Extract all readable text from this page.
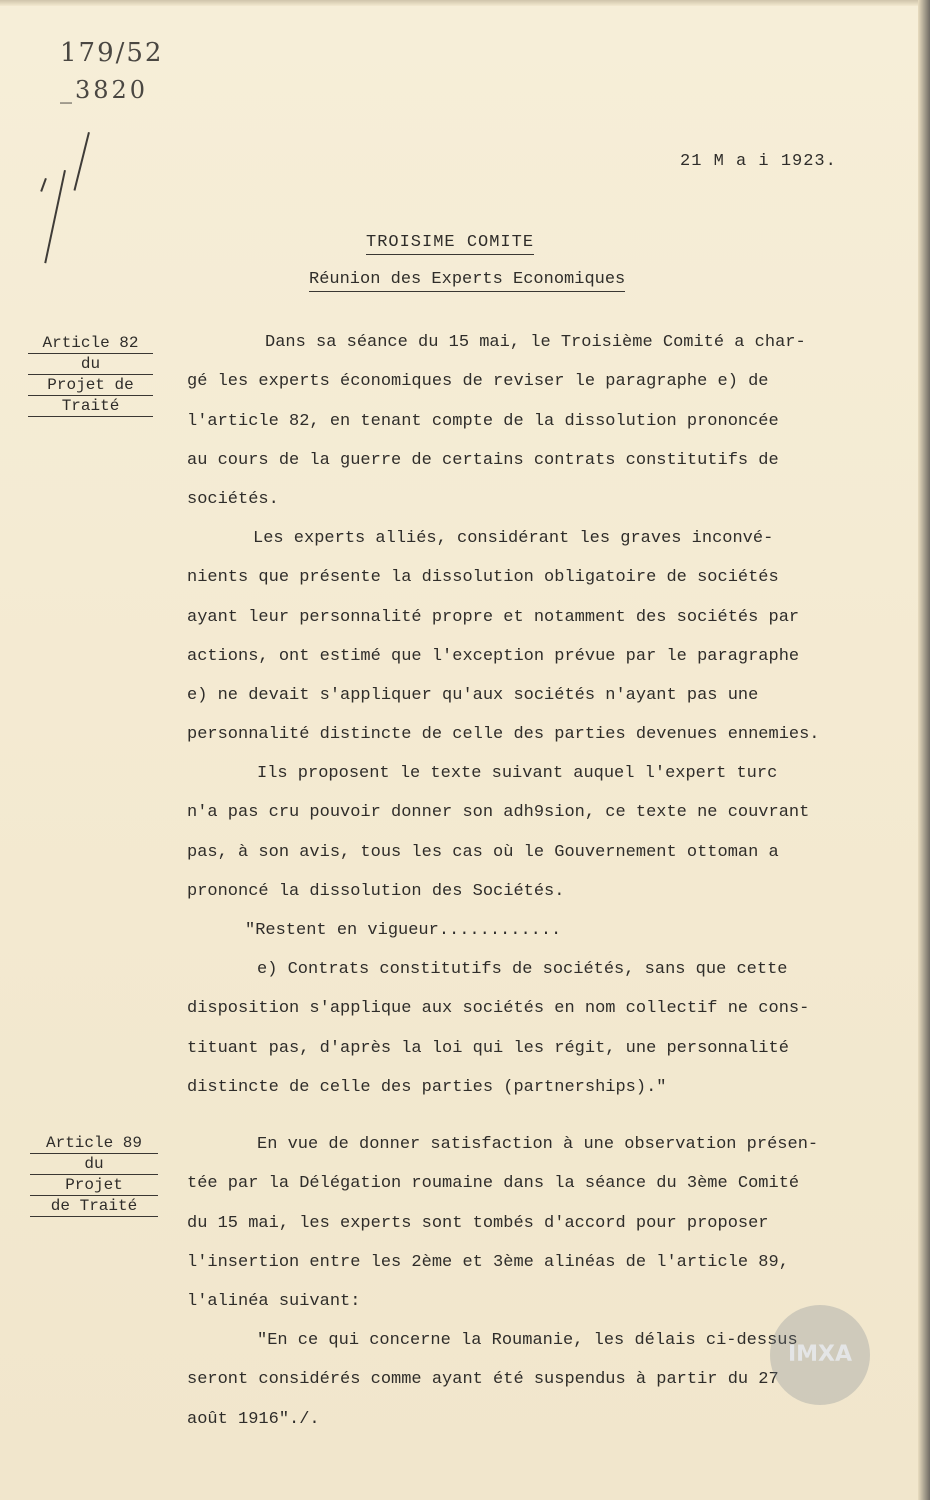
179/52
_3820
21 M a i 1923.
TROISIME COMITE
Réunion des Experts Economiques
Article 82
du
Projet de
Traité
Article 89
du
Projet
de Traité
Dans sa séance du 15 mai, le Troisième Comité a char-
gé les experts économiques de reviser le paragraphe e) de
l'article 82, en tenant compte de la dissolution prononcée
au cours de la guerre de certains contrats constitutifs de
sociétés.
Les experts alliés, considérant les graves inconvé-
nients que présente la dissolution obligatoire de sociétés
ayant leur personnalité propre et notamment des sociétés par
actions, ont estimé que l'exception prévue par le paragraphe
e) ne devait s'appliquer qu'aux sociétés n'ayant pas une
personnalité distincte de celle des parties devenues ennemies.
Ils proposent le texte suivant auquel l'expert turc
n'a pas cru pouvoir donner son adh9sion, ce texte ne couvrant
pas, à son avis, tous les cas où le Gouvernement ottoman a
prononcé la dissolution des Sociétés.
"Restent en vigueur............
e) Contrats constitutifs de sociétés, sans que cette
disposition s'applique aux sociétés en nom collectif ne cons-
tituant pas, d'après la loi qui les régit, une personnalité
distincte de celle des parties (partnerships)."
En vue de donner satisfaction à une observation présen-
tée par la Délégation roumaine dans la séance du 3ème Comité
du 15 mai, les experts sont tombés d'accord pour proposer
l'insertion entre les 2ème et 3ème alinéas de l'article 89,
l'alinéa suivant:
"En ce qui concerne la Roumanie, les délais ci-dessus
seront considérés comme ayant été suspendus à partir du 27
août 1916"./.
ΙΜΧΑ
